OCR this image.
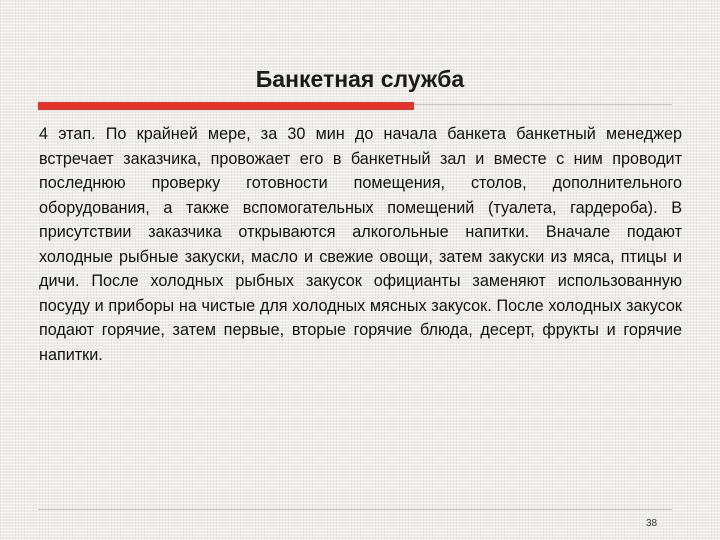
Банкетная служба

4 этап. По крайней мере, за 30 мин до начала банкета банкетный менеджер встречает заказчика, провожает его в банкетный зал и вместе с ним проводит последнюю проверку готовности помещения, столов, дополнительного оборудования, а также вспомогательных помещений (туалета, гардероба). В присутствии заказчика открываются алкогольные напитки. Вначале подают холодные рыбные закуски, масло и свежие овощи, затем закуски из мяса, птицы и дичи. После холодных рыбных закусок официанты заменяют использованную посуду и приборы на чистые для холодных мясных закусок. После холодных закусок подают горячие, затем первые, вторые горячие блюда, десерт, фрукты и горячие напитки.

38
